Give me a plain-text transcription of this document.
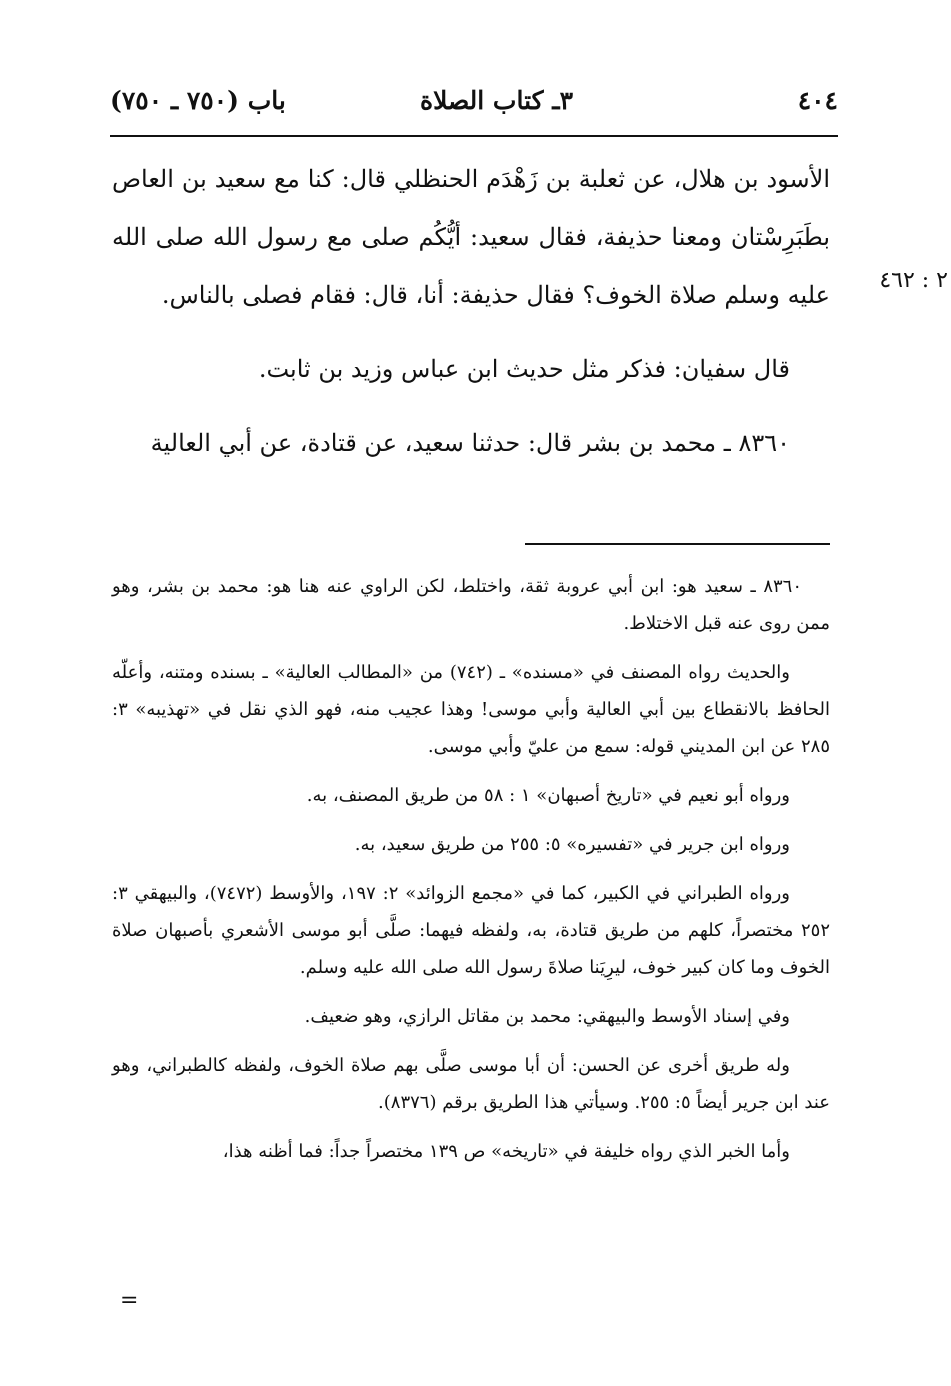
٤٠٤
٣ـ كتاب الصلاة
باب (٧٥٠ ـ ٧٥٠)
٢ : ٤٦٢

الأسود بن هلال، عن ثعلبة بن زَهْدَم الحنظلي قال: كنا مع سعيد بن العاص بطَبَرِسْتان ومعنا حذيفة، فقال سعيد: أيُّكُم صلى مع رسول الله صلى الله عليه وسلم صلاة الخوف؟ فقال حذيفة: أنا، قال: فقام فصلى بالناس.

قال سفيان: فذكر مثل حديث ابن عباس وزيد بن ثابت.

٨٣٦٠ ـ محمد بن بشر قال: حدثنا سعيد، عن قتادة، عن أبي العالية

٨٣٦٠ ـ سعيد هو: ابن أبي عروبة ثقة، واختلط، لكن الراوي عنه هنا هو: محمد بن بشر، وهو ممن روى عنه قبل الاختلاط.

والحديث رواه المصنف في «مسنده» ـ (٧٤٢) من «المطالب العالية» ـ بسنده ومتنه، وأعلّه الحافظ بالانقطاع بين أبي العالية وأبي موسى! وهذا عجيب منه، فهو الذي نقل في «تهذيبه» ٣: ٢٨٥ عن ابن المديني قوله: سمع من عليّ وأبي موسى.

ورواه أبو نعيم في «تاريخ أصبهان» ١ : ٥٨ من طريق المصنف، به.

ورواه ابن جرير في «تفسيره» ٥: ٢٥٥ من طريق سعيد، به.

ورواه الطبراني في الكبير، كما في «مجمع الزوائد» ٢: ١٩٧، والأوسط (٧٤٧٢)، والبيهقي ٣: ٢٥٢ مختصراً، كلهم من طريق قتادة، به، ولفظه فيهما: صلَّى أبو موسى الأشعري بأصبهان صلاة الخوف وما كان كبير خوف، ليرِيَنا صلاةَ رسول الله صلى الله عليه وسلم.

وفي إسناد الأوسط والبيهقي: محمد بن مقاتل الرازي، وهو ضعيف.

وله طريق أخرى عن الحسن: أن أبا موسى صلَّى بهم صلاة الخوف، ولفظه كالطبراني، وهو عند ابن جرير أيضاً ٥: ٢٥٥. وسيأتي هذا الطريق برقم (٨٣٧٦).

وأما الخبر الذي رواه خليفة في «تاريخه» ص ١٣٩ مختصراً جداً: فما أظنه هذا،

=
